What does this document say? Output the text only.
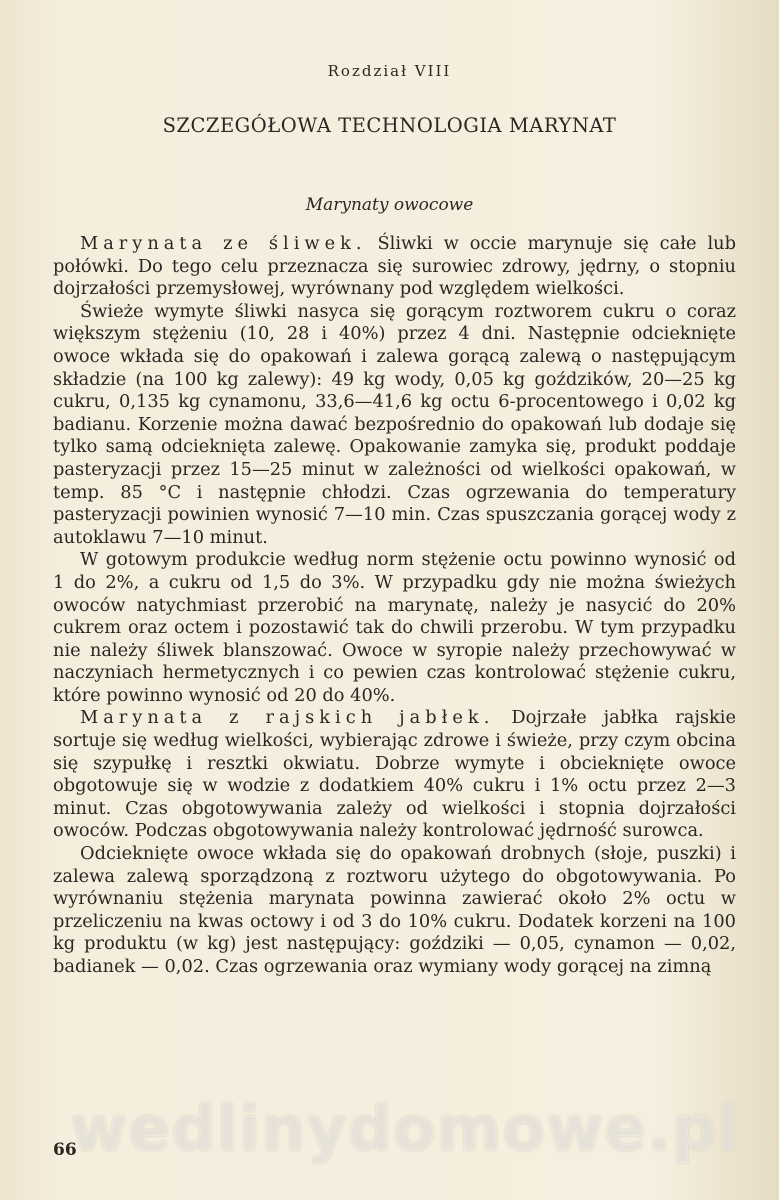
Rozdział VIII
SZCZEGÓŁOWA TECHNOLOGIA MARYNAT
Marynaty owocowe

Marynata ze śliwek. Śliwki w occie marynuje się całe lub połówki. Do tego celu przeznacza się surowiec zdrowy, jędrny, o stopniu dojrzałości przemysłowej, wyrównany pod względem wielkości.

Świeże wymyte śliwki nasyca się gorącym roztworem cukru o coraz większym stężeniu (10, 28 i 40%) przez 4 dni. Następnie odcieknięte owoce wkłada się do opakowań i zalewa gorącą zalewą o następującym składzie (na 100 kg zalewy): 49 kg wody, 0,05 kg goździków, 20—25 kg cukru, 0,135 kg cynamonu, 33,6—41,6 kg octu 6-procentowego i 0,02 kg badianu. Korzenie można dawać bezpośrednio do opakowań lub dodaje się tylko samą odcieknięta zalewę. Opakowanie zamyka się, produkt poddaje pasteryzacji przez 15—25 minut w zależności od wielkości opakowań, w temp. 85 °C i następnie chłodzi. Czas ogrzewania do temperatury pasteryzacji powinien wynosić 7—10 min. Czas spuszczania gorącej wody z autoklawu 7—10 minut.

W gotowym produkcie według norm stężenie octu powinno wynosić od 1 do 2%, a cukru od 1,5 do 3%. W przypadku gdy nie można świeżych owoców natychmiast przerobić na marynatę, należy je nasycić do 20% cukrem oraz octem i pozostawić tak do chwili przerobu. W tym przypadku nie należy śliwek blanszować. Owoce w syropie należy przechowywać w naczyniach hermetycznych i co pewien czas kontrolować stężenie cukru, które powinno wynosić od 20 do 40%.

Marynata z rajskich jabłek. Dojrzałe jabłka rajskie sortuje się według wielkości, wybierając zdrowe i świeże, przy czym obcina się szypułkę i resztki okwiatu. Dobrze wymyte i obcieknięte owoce obgotowuje się w wodzie z dodatkiem 40% cukru i 1% octu przez 2—3 minut. Czas obgotowywania zależy od wielkości i stopnia dojrzałości owoców. Podczas obgotowywania należy kontrolować jędrność surowca.

Odcieknięte owoce wkłada się do opakowań drobnych (słoje, puszki) i zalewa zalewą sporządzoną z roztworu użytego do obgotowywania. Po wyrównaniu stężenia marynata powinna zawierać około 2% octu w przeliczeniu na kwas octowy i od 3 do 10% cukru. Dodatek korzeni na 100 kg produktu (w kg) jest następujący: goździki — 0,05, cynamon — 0,02, badianek — 0,02. Czas ogrzewania oraz wymiany wody gorącej na zimną

wedlinydomowe.pl
66
